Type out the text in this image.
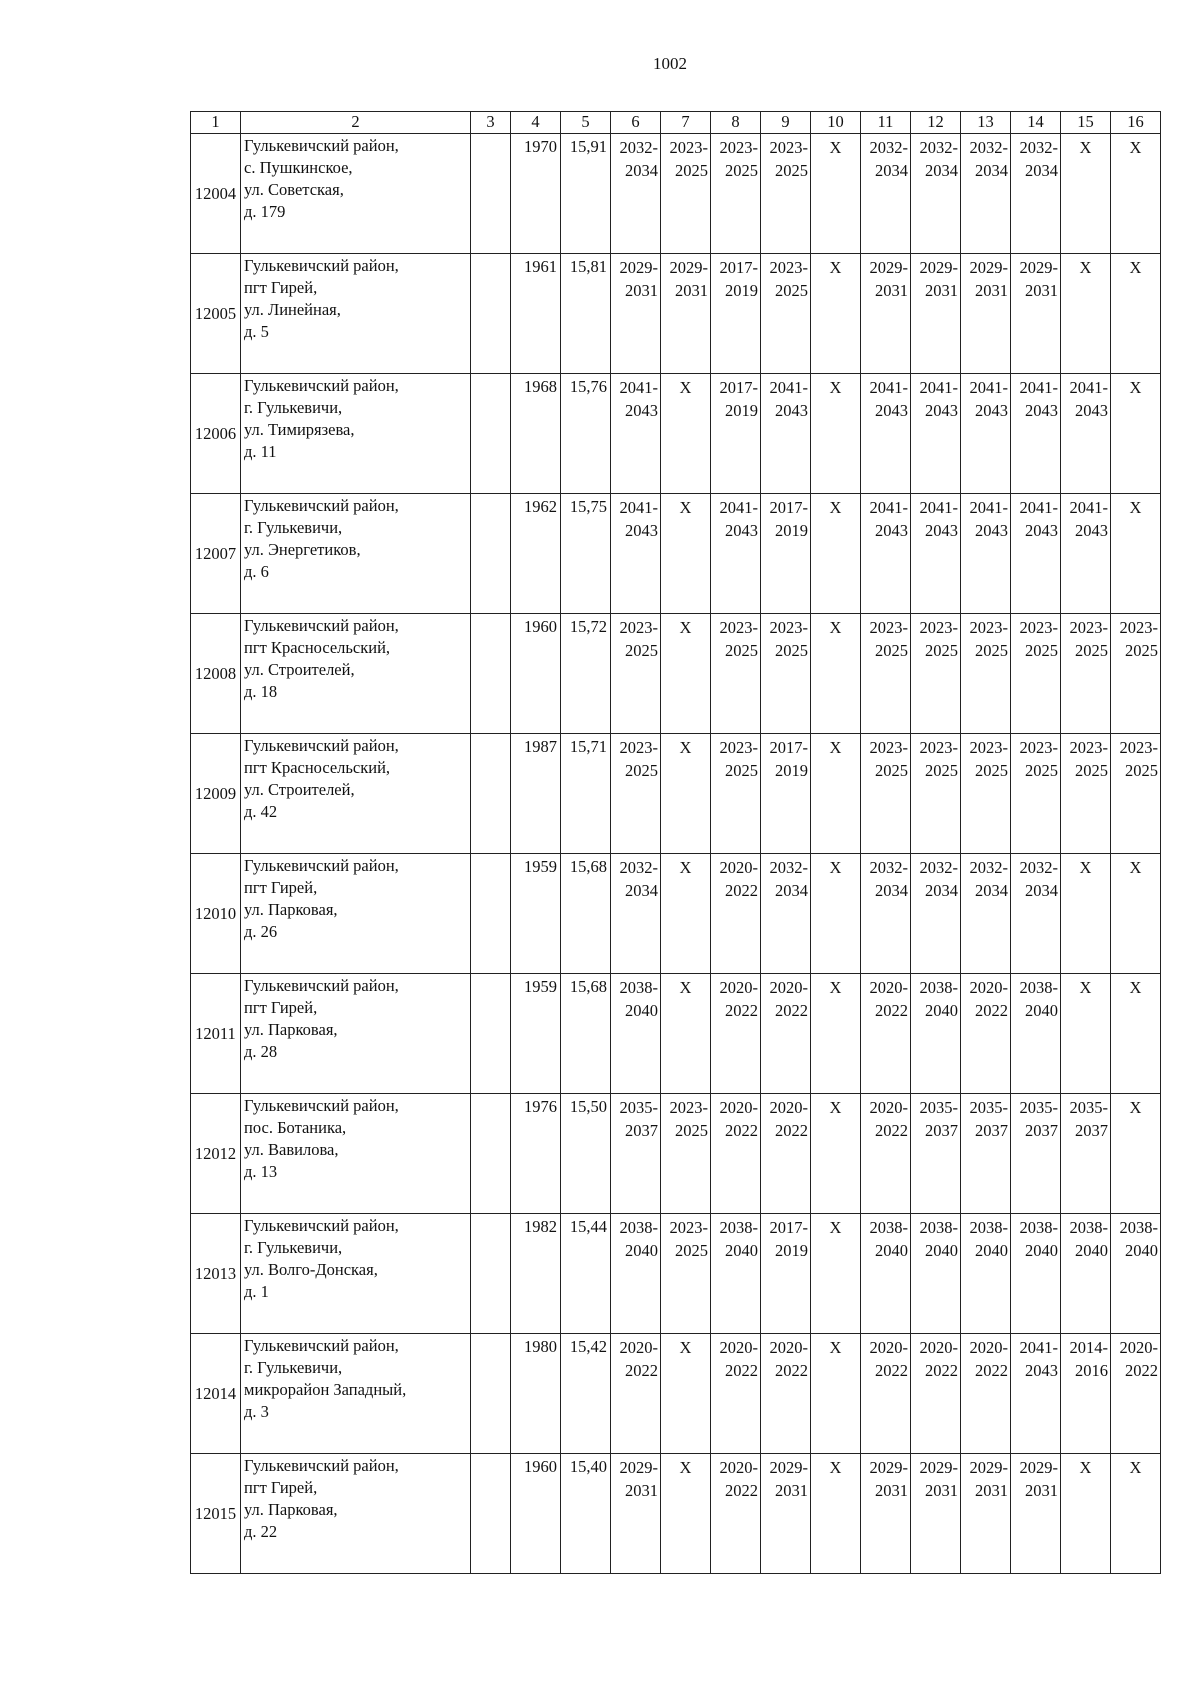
1002
1	2	3	4	5	6	7	8	9	10	11	12	13	14	15	16
12004	Гулькевичский район,
с. Пушкинское,
ул. Советская,
д. 179		1970	15,91	2032-
2034	2023-
2025	2023-
2025	2023-
2025	Х	2032-
2034	2032-
2034	2032-
2034	2032-
2034	Х	Х
12005	Гулькевичский район,
пгт Гирей,
ул. Линейная,
д. 5		1961	15,81	2029-
2031	2029-
2031	2017-
2019	2023-
2025	Х	2029-
2031	2029-
2031	2029-
2031	2029-
2031	Х	Х
12006	Гулькевичский район,
г. Гулькевичи,
ул. Тимирязева,
д. 11		1968	15,76	2041-
2043	Х	2017-
2019	2041-
2043	Х	2041-
2043	2041-
2043	2041-
2043	2041-
2043	2041-
2043	Х
12007	Гулькевичский район,
г. Гулькевичи,
ул. Энергетиков,
д. 6		1962	15,75	2041-
2043	Х	2041-
2043	2017-
2019	Х	2041-
2043	2041-
2043	2041-
2043	2041-
2043	2041-
2043	Х
12008	Гулькевичский район,
пгт Красносельский,
ул. Строителей,
д. 18		1960	15,72	2023-
2025	Х	2023-
2025	2023-
2025	Х	2023-
2025	2023-
2025	2023-
2025	2023-
2025	2023-
2025	2023-
2025
12009	Гулькевичский район,
пгт Красносельский,
ул. Строителей,
д. 42		1987	15,71	2023-
2025	Х	2023-
2025	2017-
2019	Х	2023-
2025	2023-
2025	2023-
2025	2023-
2025	2023-
2025	2023-
2025
12010	Гулькевичский район,
пгт Гирей,
ул. Парковая,
д. 26		1959	15,68	2032-
2034	Х	2020-
2022	2032-
2034	Х	2032-
2034	2032-
2034	2032-
2034	2032-
2034	Х	Х
12011	Гулькевичский район,
пгт Гирей,
ул. Парковая,
д. 28		1959	15,68	2038-
2040	Х	2020-
2022	2020-
2022	Х	2020-
2022	2038-
2040	2020-
2022	2038-
2040	Х	Х
12012	Гулькевичский район,
пос. Ботаника,
ул. Вавилова,
д. 13		1976	15,50	2035-
2037	2023-
2025	2020-
2022	2020-
2022	Х	2020-
2022	2035-
2037	2035-
2037	2035-
2037	2035-
2037	Х
12013	Гулькевичский район,
г. Гулькевичи,
ул. Волго-Донская,
д. 1		1982	15,44	2038-
2040	2023-
2025	2038-
2040	2017-
2019	Х	2038-
2040	2038-
2040	2038-
2040	2038-
2040	2038-
2040	2038-
2040
12014	Гулькевичский район,
г. Гулькевичи,
микрорайон Западный,
д. 3		1980	15,42	2020-
2022	Х	2020-
2022	2020-
2022	Х	2020-
2022	2020-
2022	2020-
2022	2041-
2043	2014-
2016	2020-
2022
12015	Гулькевичский район,
пгт Гирей,
ул. Парковая,
д. 22		1960	15,40	2029-
2031	Х	2020-
2022	2029-
2031	Х	2029-
2031	2029-
2031	2029-
2031	2029-
2031	Х	Х
